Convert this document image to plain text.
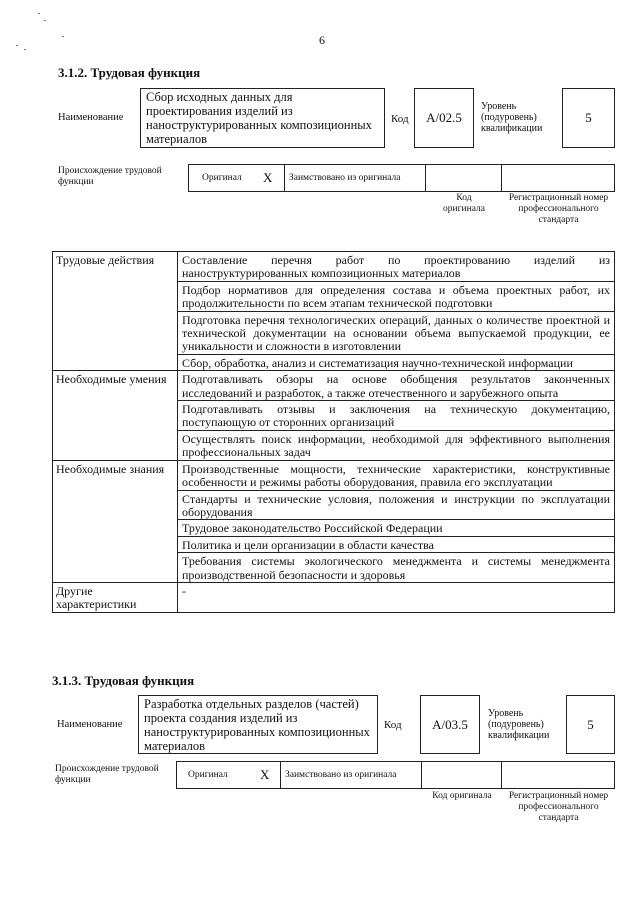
6
3.1.2. Трудовая функция
Наименование
Сбор исходных данных для проектирования изделий из наноструктурированных композиционных материалов
Код	А/02.5
Уровень (подуровень) квалификации
5
Происхождение трудовой функции	Оригинал X Заимствовано из оригинала
Код оригинала
Регистрационный номер профессионального стандарта
Трудовые действия	Составление перечня работ по проектированию изделий из наноструктурированных композиционных материалов
	Подбор нормативов для определения состава и объема проектных работ, их продолжительности по всем этапам технической подготовки
	Подготовка перечня технологических операций, данных о количестве проектной и технической документации на основании объема выпускаемой продукции, ее уникальности и сложности в изготовлении
	Сбор, обработка, анализ и систематизация научно-технической информации
Необходимые умения	Подготавливать обзоры на основе обобщения результатов законченных исследований и разработок, а также отечественного и зарубежного опыта
	Подготавливать отзывы и заключения на техническую документацию, поступающую от сторонних организаций
	Осуществлять поиск информации, необходимой для эффективного выполнения профессиональных задач
Необходимые знания	Производственные мощности, технические характеристики, конструктивные особенности и режимы работы оборудования, правила его эксплуатации
	Стандарты и технические условия, положения и инструкции по эксплуатации оборудования
	Трудовое законодательство Российской Федерации
	Политика и цели организации в области качества
	Требования системы экологического менеджмента и системы менеджмента производственной безопасности и здоровья
Другие характеристики	-
3.1.3. Трудовая функция
Наименование
Разработка отдельных разделов (частей) проекта создания изделий из наноструктурированных композиционных материалов
Код	А/03.5
Уровень (подуровень) квалификации
5
Происхождение трудовой функции	Оригинал X Заимствовано из оригинала
Код оригинала Регистрационный номер профессионального стандарта
